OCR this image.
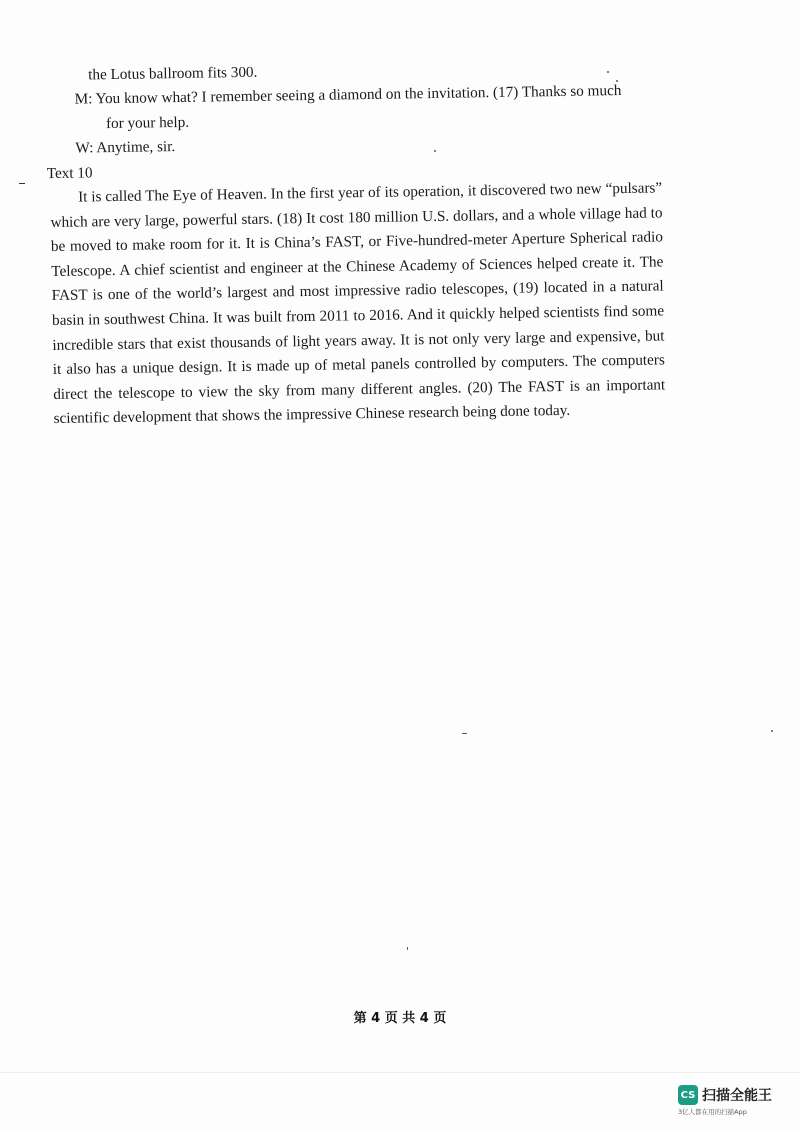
the Lotus ballroom fits 300.
M: You know what? I remember seeing a diamond on the invitation. (17) Thanks so much
for your help.
W: Anytime, sir.
Text 10

It is called The Eye of Heaven. In the first year of its operation, it discovered two new “pulsars” which are very large, powerful stars. (18) It cost 180 million U.S. dollars, and a whole village had to be moved to make room for it. It is China’s FAST, or Five-hundred-meter Aperture Spherical radio Telescope. A chief scientist and engineer at the Chinese Academy of Sciences helped create it. The FAST is one of the world’s largest and most impressive radio telescopes, (19) located in a natural basin in southwest China. It was built from 2011 to 2016. And it quickly helped scientists find some incredible stars that exist thousands of light years away. It is not only very large and expensive, but it also has a unique design. It is made up of metal panels controlled by computers. The computers direct the telescope to view the sky from many different angles. (20) The FAST is an important scientific development that shows the impressive Chinese research being done today.

第 4 页 共 4 页
CS 扫描全能王
3亿人都在用的扫描App
